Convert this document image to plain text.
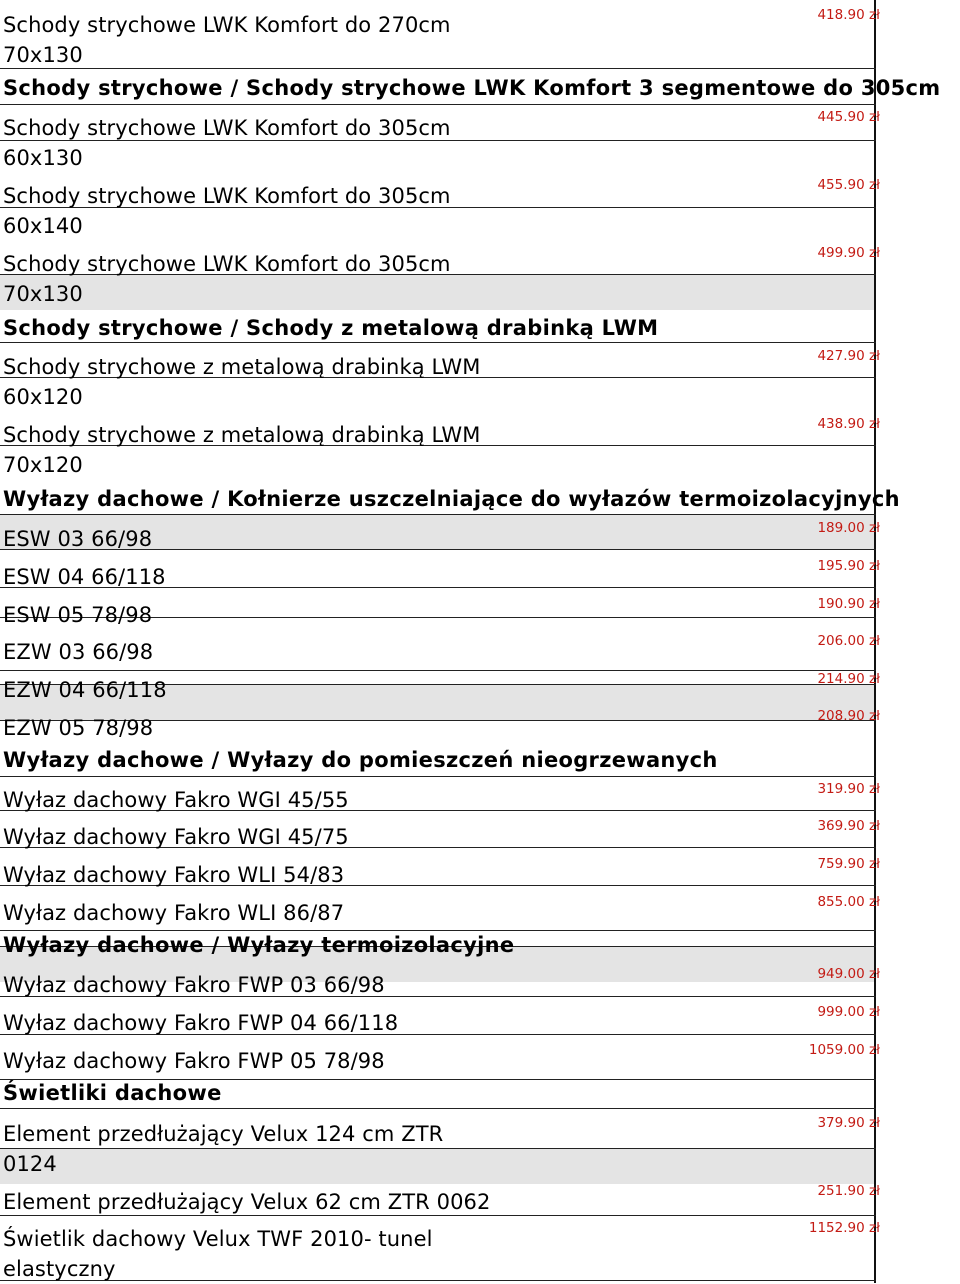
Schody strychowe LWK Komfort do 270cm
70x130
418.90 zł
Schody strychowe / Schody strychowe LWK Komfort 3 segmentowe do 305cm
Schody strychowe LWK Komfort do 305cm
60x130
445.90 zł
Schody strychowe LWK Komfort do 305cm
60x140
455.90 zł
Schody strychowe LWK Komfort do 305cm
70x130
499.90 zł
Schody strychowe / Schody z metalową drabinką LWM
Schody strychowe z metalową drabinką LWM
60x120
427.90 zł
Schody strychowe z metalową drabinką LWM
70x120
438.90 zł
Wyłazy dachowe / Kołnierze uszczelniające do wyłazów termoizolacyjnych
ESW 03 66/98	189.00 zł
ESW 04 66/118	195.90 zł
ESW 05 78/98	190.90 zł
EZW 03 66/98	206.00 zł
EZW 04 66/118	214.90 zł
EZW 05 78/98	208.90 zł
Wyłazy dachowe / Wyłazy do pomieszczeń nieogrzewanych
Wyłaz dachowy Fakro WGI 45/55	319.90 zł
Wyłaz dachowy Fakro WGI 45/75	369.90 zł
Wyłaz dachowy Fakro WLI 54/83	759.90 zł
Wyłaz dachowy Fakro WLI 86/87	855.00 zł
Wyłazy dachowe / Wyłazy termoizolacyjne
Wyłaz dachowy Fakro FWP 03 66/98	949.00 zł
Wyłaz dachowy Fakro FWP 04 66/118	999.00 zł
Wyłaz dachowy Fakro FWP 05 78/98	1059.00 zł
Świetliki dachowe
Element przedłużający Velux 124 cm ZTR
0124
379.90 zł
Element przedłużający Velux 62 cm ZTR 0062	251.90 zł
Świetlik dachowy Velux TWF 2010- tunel
elastyczny
1152.90 zł
